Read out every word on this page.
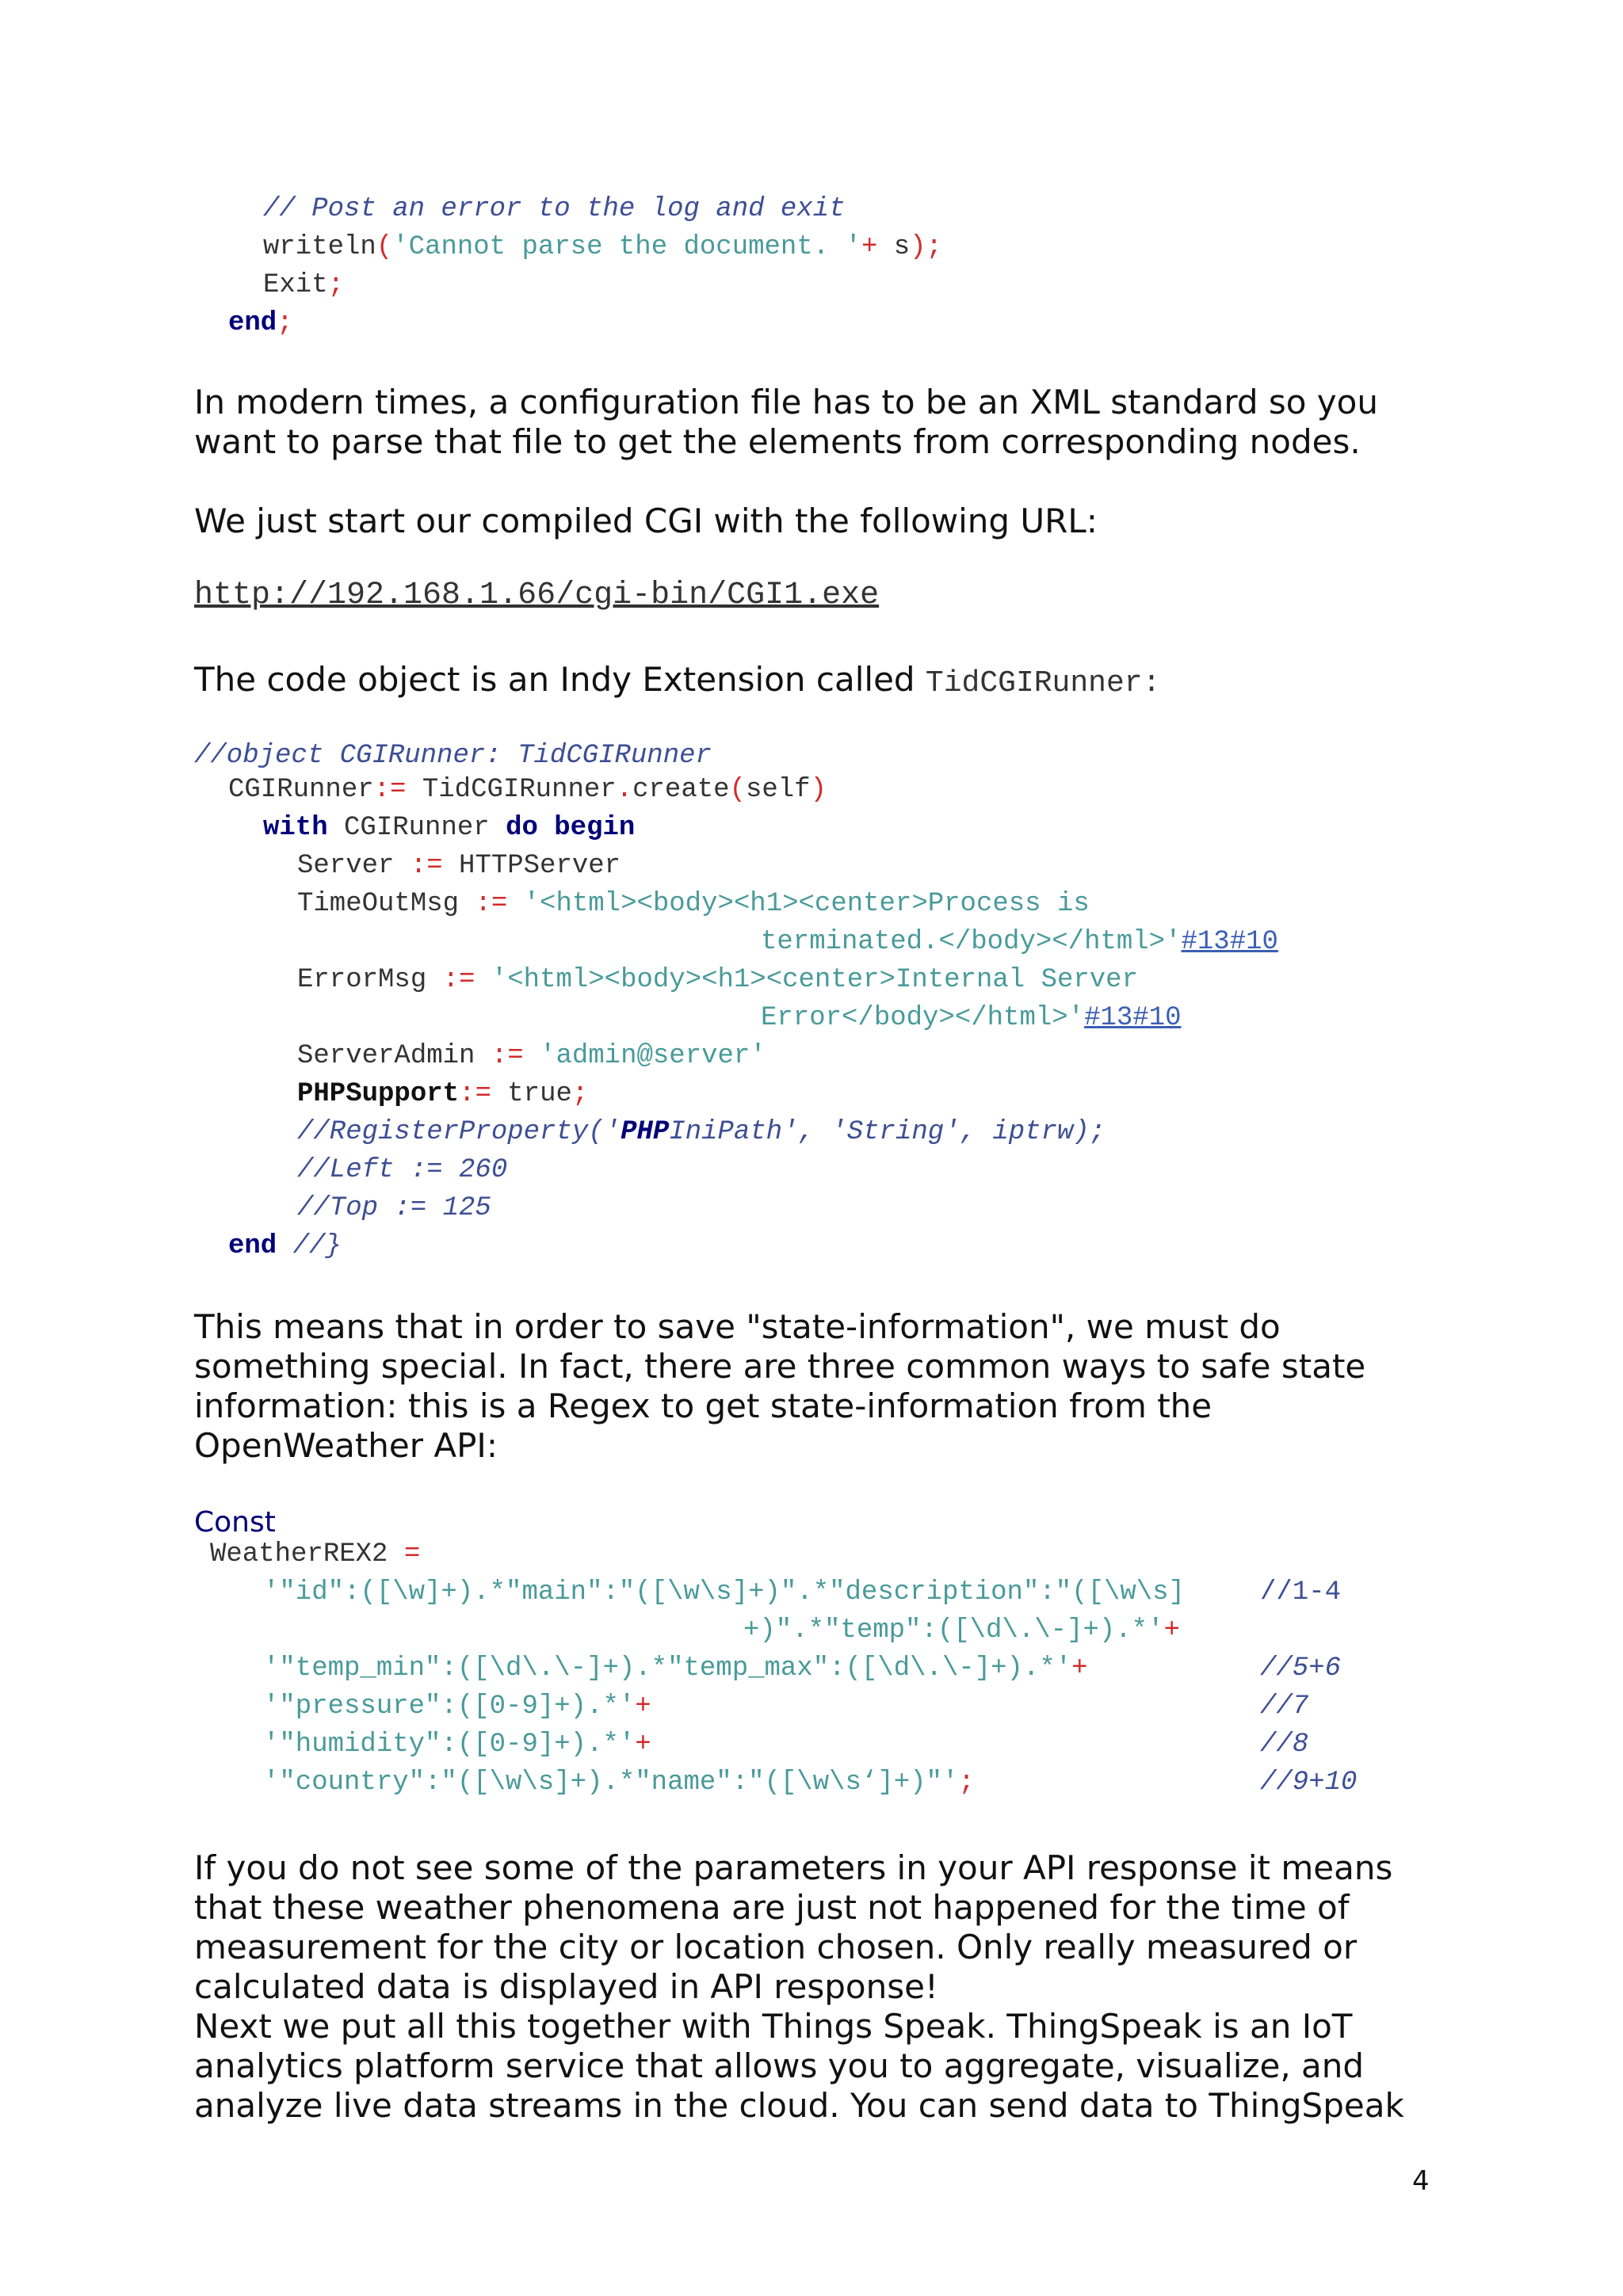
// Post an error to the log and exit

writeln('Cannot parse the document. '+ s);

Exit;

end;

In modern times, a configuration file has to be an XML standard so you
want to parse that file to get the elements from corresponding nodes.
We just start our compiled CGI with the following URL:
http://192.168.1.66/cgi-bin/CGI1.exe
The code object is an Indy Extension called TidCGIRunner:

//object CGIRunner: TidCGIRunner

CGIRunner:= TidCGIRunner.create(self)

with CGIRunner do begin

Server := HTTPServer

TimeOutMsg := '<html><body><h1><center>Process is

terminated.</body></html>'#13#10

ErrorMsg := '<html><body><h1><center>Internal Server

Error</body></html>'#13#10

ServerAdmin := 'admin@server'

PHPSupport:= true;

//RegisterProperty('PHPIniPath', 'String', iptrw);

//Left := 260

//Top := 125

end //}

This means that in order to save "state-information", we must do
something special. In fact, there are three common ways to safe state
information: this is a Regex to get state-information from the
OpenWeather API:
Const

WeatherREX2 =

'"id":([\w]+).*"main":"([\w\s]+)".*"description":"([\w\s]

	//1-4

+)".*"temp":([\d\.\-]+).*'+

'"temp_min":([\d\.\-]+).*"temp_max":([\d\.\-]+).*'+

	//5+6

'"pressure":([0-9]+).*'+

	//7

'"humidity":([0-9]+).*'+

	//8

'"country":"([\w\s]+).*"name":"([\w\s‘]+)"';

	//9+10

If you do not see some of the parameters in your API response it means
that these weather phenomena are just not happened for the time of
measurement for the city or location chosen. Only really measured or
calculated data is displayed in API response!
Next we put all this together with Things Speak. ThingSpeak is an IoT
analytics platform service that allows you to aggregate, visualize, and
analyze live data streams in the cloud. You can send data to ThingSpeak
4
